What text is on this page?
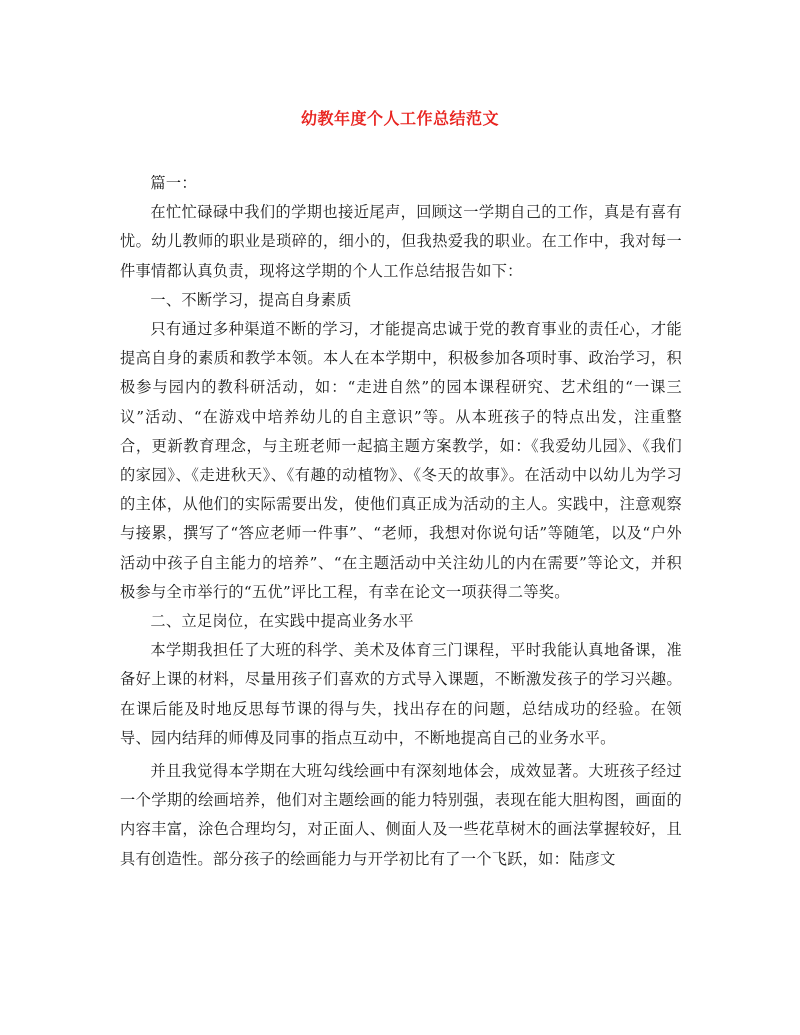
幼教年度个人工作总结范文

篇一：

在忙忙碌碌中我们的学期也接近尾声，回顾这一学期自己的工作，真是有喜有忧。幼儿教师的职业是琐碎的，细小的，但我热爱我的职业。在工作中，我对每一件事情都认真负责，现将这学期的个人工作总结报告如下：

一、不断学习，提高自身素质

只有通过多种渠道不断的学习，才能提高忠诚于党的教育事业的责任心，才能提高自身的素质和教学本领。本人在本学期中，积极参加各项时事、政治学习，积极参与园内的教科研活动，如：“走进自然”的园本课程研究、艺术组的“一课三议”活动、“在游戏中培养幼儿的自主意识”等。从本班孩子的特点出发，注重整合，更新教育理念，与主班老师一起搞主题方案教学，如：《我爱幼儿园》、《我们的家园》、《走进秋天》、《有趣的动植物》、《冬天的故事》。在活动中以幼儿为学习的主体，从他们的实际需要出发，使他们真正成为活动的主人。实践中，注意观察与接累，撰写了“答应老师一件事”、“老师，我想对你说句话”等随笔，以及“户外活动中孩子自主能力的培养”、“在主题活动中关注幼儿的内在需要”等论文，并积极参与全市举行的“五优”评比工程，有幸在论文一项获得二等奖。

二、立足岗位，在实践中提高业务水平

本学期我担任了大班的科学、美术及体育三门课程，平时我能认真地备课，准备好上课的材料，尽量用孩子们喜欢的方式导入课题，不断激发孩子的学习兴趣。在课后能及时地反思每节课的得与失，找出存在的问题，总结成功的经验。在领导、园内结拜的师傅及同事的指点互动中，不断地提高自己的业务水平。

并且我觉得本学期在大班勾线绘画中有深刻地体会，成效显著。大班孩子经过一个学期的绘画培养，他们对主题绘画的能力特别强，表现在能大胆构图，画面的内容丰富，涂色合理均匀，对正面人、侧面人及一些花草树木的画法掌握较好，且具有创造性。部分孩子的绘画能力与开学初比有了一个飞跃，如：陆彦文
